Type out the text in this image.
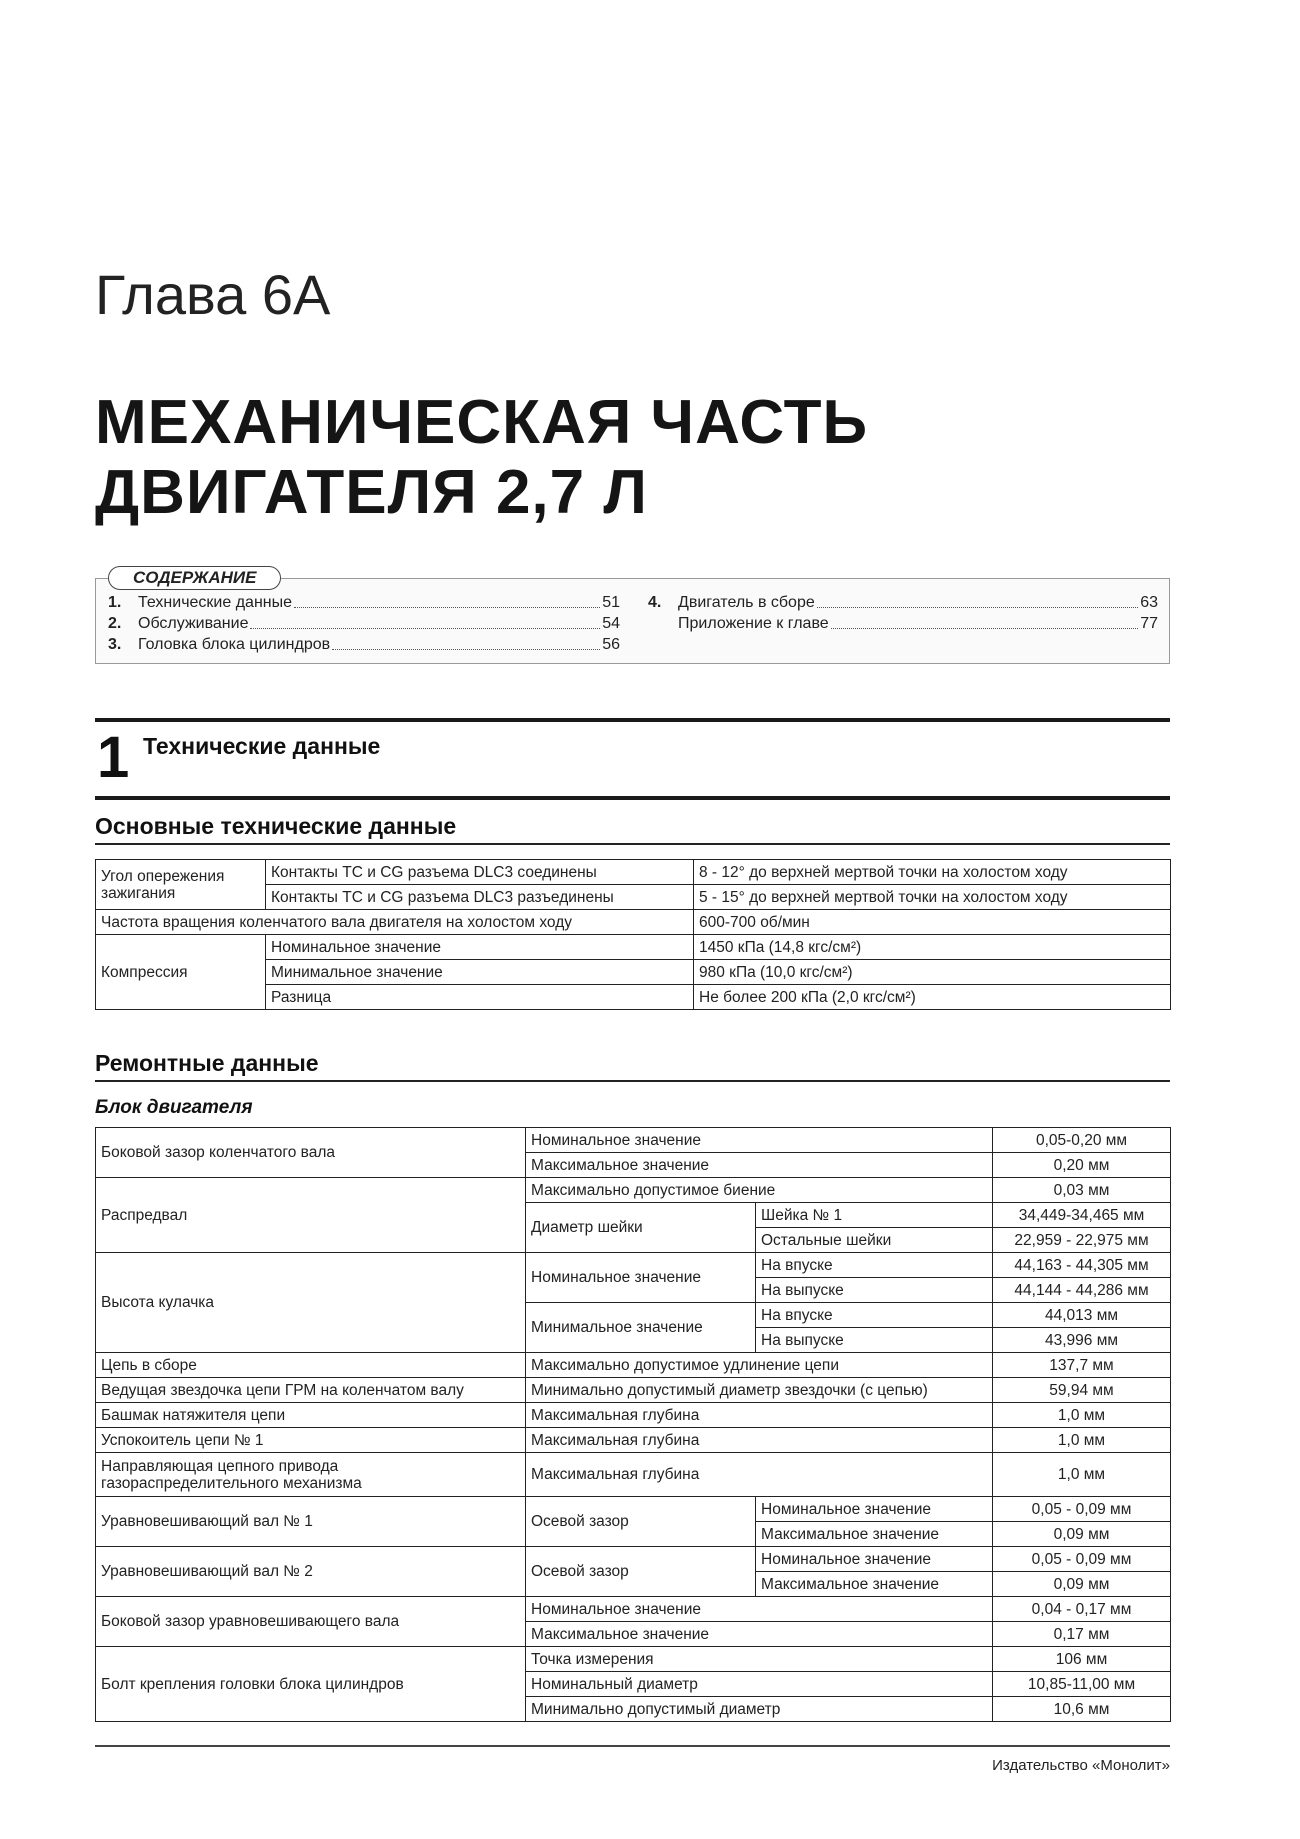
Глава 6А
МЕХАНИЧЕСКАЯ ЧАСТЬ
ДВИГАТЕЛЯ 2,7 Л
СОДЕРЖАНИЕ
1.	Технические данные	51
2.	Обслуживание	54
3.	Головка блока цилиндров	56
4.	Двигатель в сборе	63
Приложение к главе	77
1 Технические данные
Основные технические данные
Угол опережения зажигания	Контакты TC и CG разъема DLC3 соединены	8 - 12° до верхней мертвой точки на холостом ходу
	Контакты TC и CG разъема DLC3 разъединены	5 - 15° до верхней мертвой точки на холостом ходу
Частота вращения коленчатого вала двигателя на холостом ходу		600-700 об/мин
Компрессия	Номинальное значение	1450 кПа (14,8 кгс/см²)
	Минимальное значение	980 кПа (10,0 кгс/см²)
	Разница	Не более 200 кПа (2,0 кгс/см²)
Ремонтные данные
Блок двигателя
Боковой зазор коленчатого вала	Номинальное значение		0,05-0,20 мм
	Максимальное значение		0,20 мм
Распредвал	Максимально допустимое биение		0,03 мм
	Диаметр шейки	Шейка № 1	34,449-34,465 мм
		Остальные шейки	22,959 - 22,975 мм
Высота кулачка	Номинальное значение	На впуске	44,163 - 44,305 мм
		На выпуске	44,144 - 44,286 мм
	Минимальное значение	На впуске	44,013 мм
		На выпуске	43,996 мм
Цепь в сборе	Максимально допустимое удлинение цепи		137,7 мм
Ведущая звездочка цепи ГРМ на коленчатом валу	Минимально допустимый диаметр звездочки (с цепью)		59,94 мм
Башмак натяжителя цепи	Максимальная глубина		1,0 мм
Успокоитель цепи № 1	Максимальная глубина		1,0 мм
Направляющая цепного привода газораспределительного механизма	Максимальная глубина		1,0 мм
Уравновешивающий вал № 1	Осевой зазор	Номинальное значение	0,05 - 0,09 мм
		Максимальное значение	0,09 мм
Уравновешивающий вал № 2	Осевой зазор	Номинальное значение	0,05 - 0,09 мм
		Максимальное значение	0,09 мм
Боковой зазор уравновешивающего вала	Номинальное значение		0,04 - 0,17 мм
	Максимальное значение		0,17 мм
Болт крепления головки блока цилиндров	Точка измерения		106 мм
	Номинальный диаметр		10,85-11,00 мм
	Минимально допустимый диаметр		10,6 мм
Издательство «Монолит»
